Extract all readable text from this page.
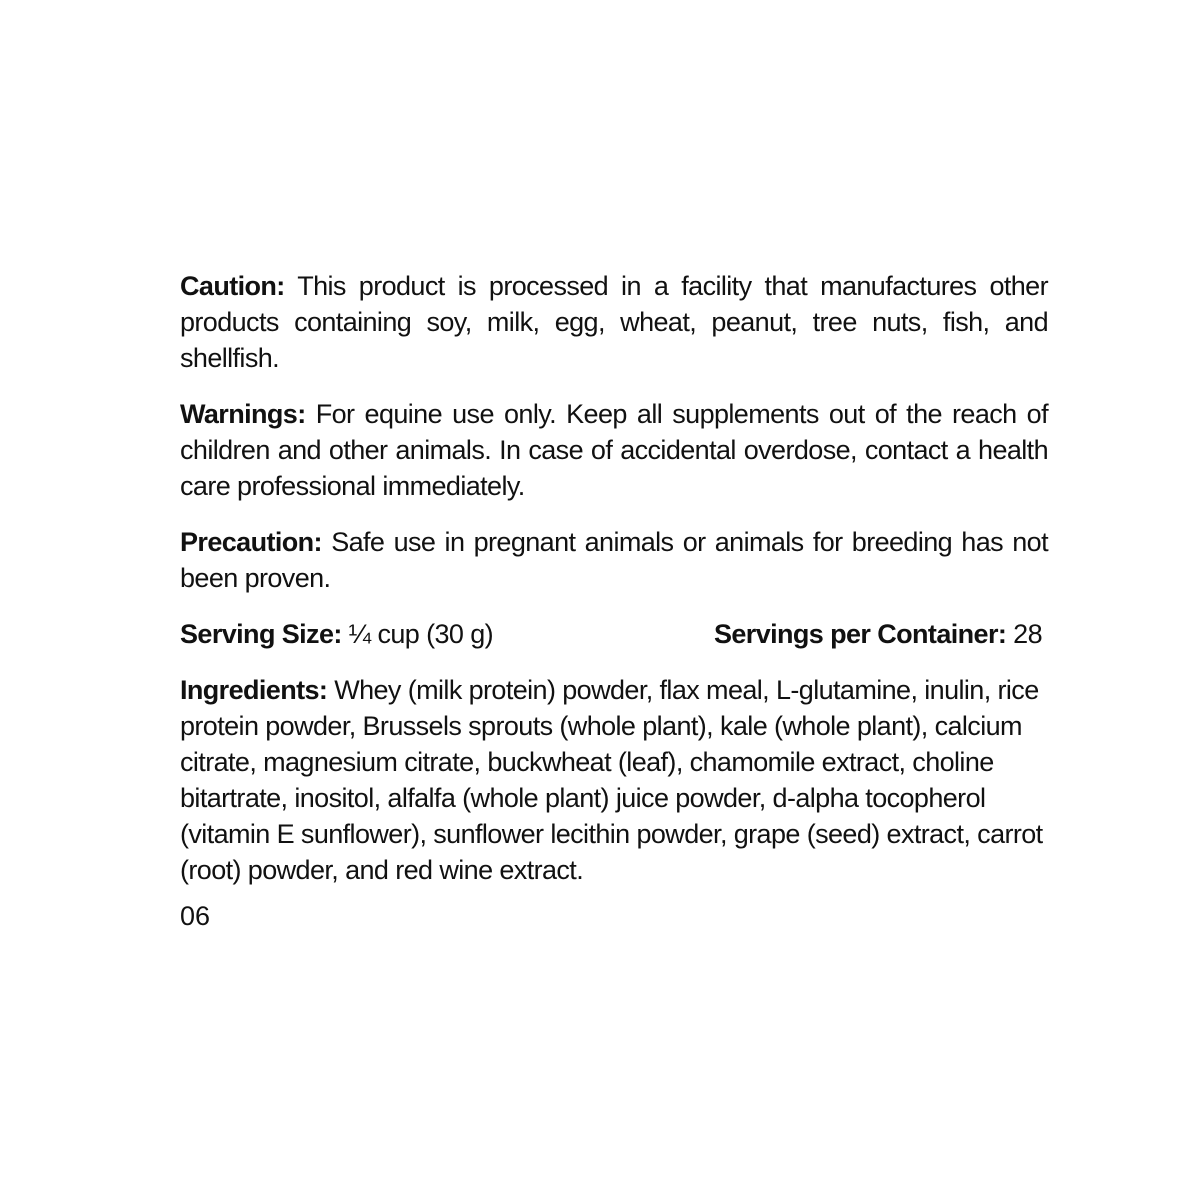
Caution: This product is processed in a facility that manufactures other products containing soy, milk, egg, wheat, peanut, tree nuts, fish, and shellfish.

Warnings: For equine use only. Keep all supplements out of the reach of children and other animals. In case of accidental overdose, contact a health care professional immediately.

Precaution: Safe use in pregnant animals or animals for breeding has not been proven.

Serving Size: ¼ cup (30 g)	Servings per Container: 28

Ingredients: Whey (milk protein) powder, flax meal, L-glutamine, inulin, rice protein powder, Brussels sprouts (whole plant), kale (whole plant), calcium citrate, magnesium citrate, buckwheat (leaf), chamomile extract, choline bitartrate, inositol, alfalfa (whole plant) juice powder, d-alpha tocopherol (vitamin E sunflower), sunflower lecithin powder, grape (seed) extract, carrot (root) powder, and red wine extract.

06
